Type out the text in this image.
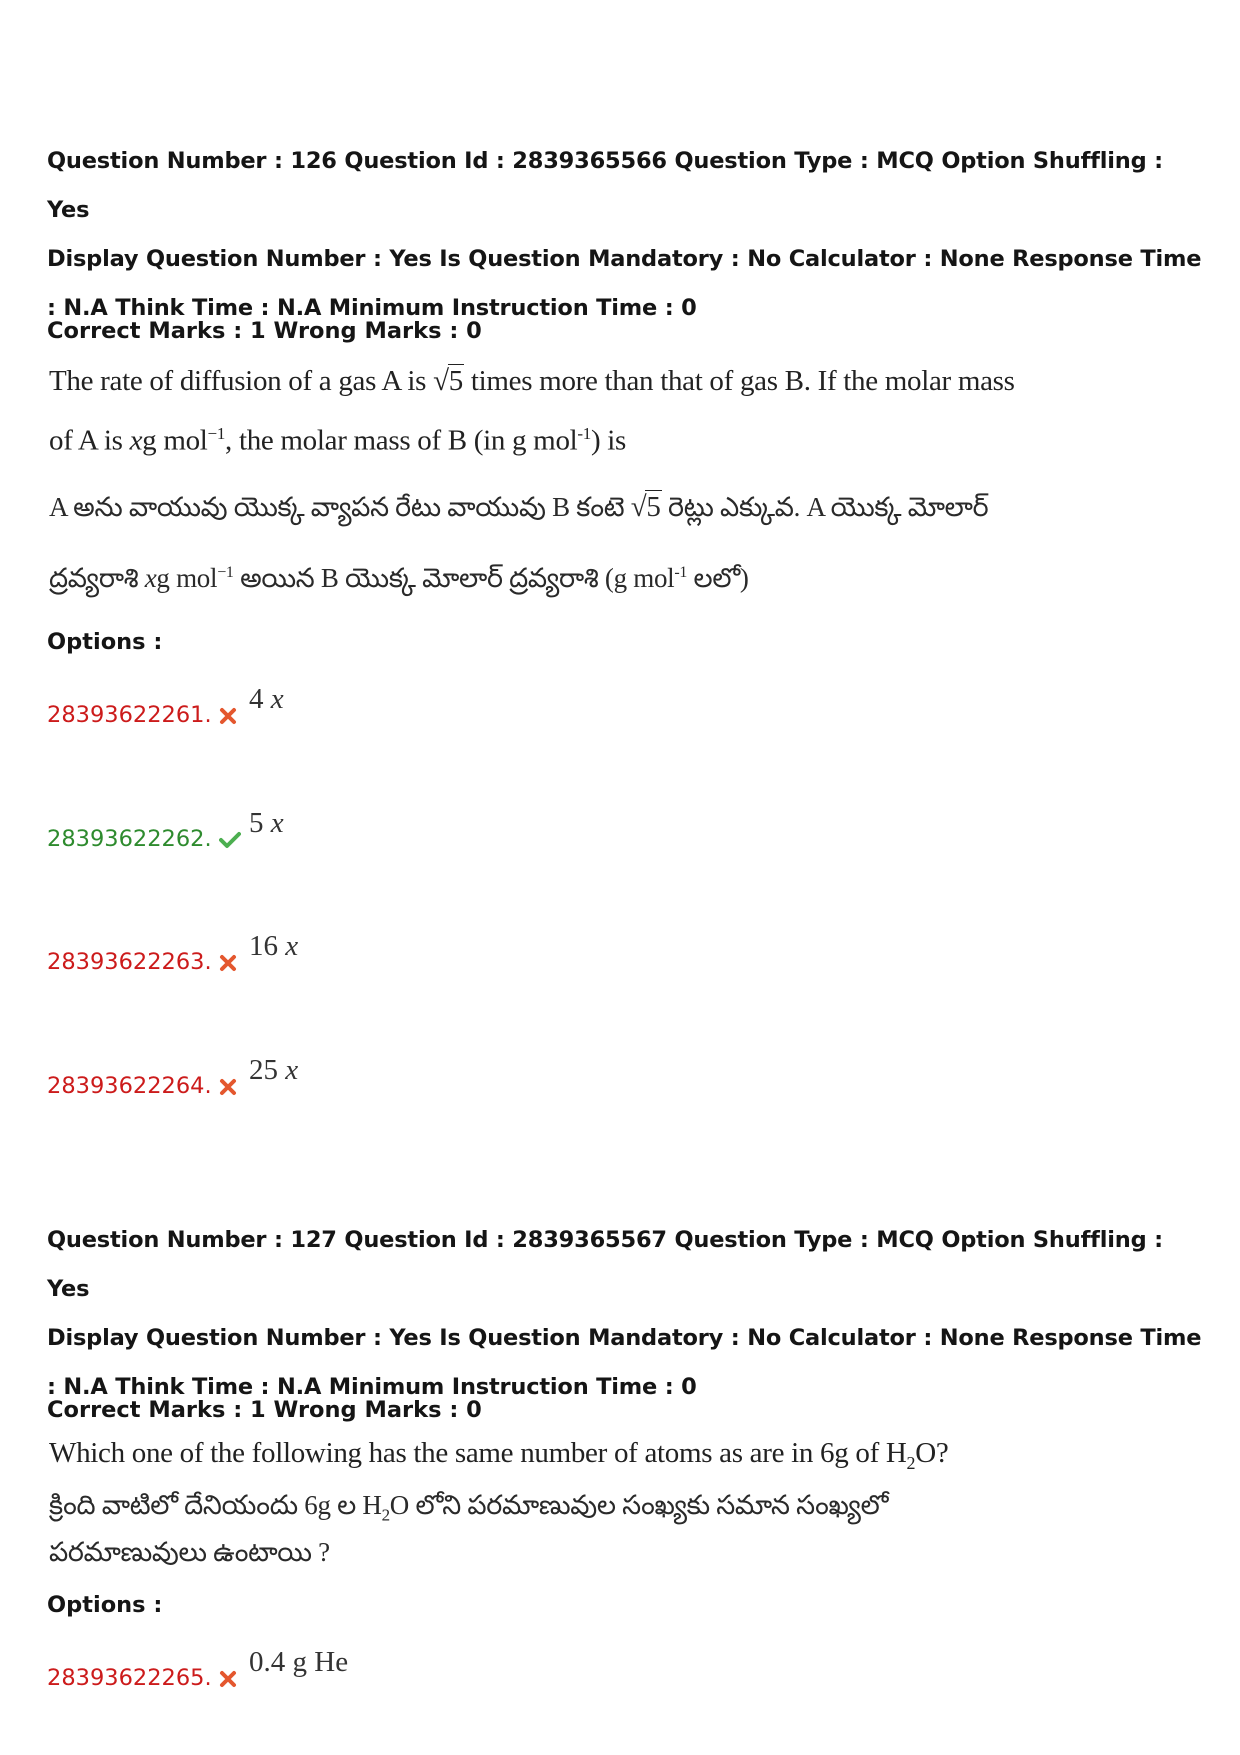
Question Number : 126 Question Id : 2839365566 Question Type : MCQ Option Shuffling : Yes
Display Question Number : Yes Is Question Mandatory : No Calculator : None Response Time
: N.A Think Time : N.A Minimum Instruction Time : 0
Correct Marks : 1 Wrong Marks : 0
The rate of diffusion of a gas A is √5 times more than that of gas B. If the molar mass
of A is xg mol$^{-1}$, the molar mass of B (in g mol$^{-1}$) is
A అను వాయువు యొక్క వ్యాపన రేటు వాయువు B కంటె √5 రెట్లు ఎక్కువ. A యొక్క మోలార్
ద్రవ్యరాశి xg mol$^{-1}$ అయిన B యొక్క మోలార్ ద్రవ్యరాశి (g mol$^{-1}$ లలో)
Options :
28393622261. 4 x
28393622262. 5 x
28393622263. 16 x
28393622264. 25 x
Question Number : 127 Question Id : 2839365567 Question Type : MCQ Option Shuffling : Yes
Display Question Number : Yes Is Question Mandatory : No Calculator : None Response Time
: N.A Think Time : N.A Minimum Instruction Time : 0
Correct Marks : 1 Wrong Marks : 0
Which one of the following has the same number of atoms as are in 6g of $H_2O$?
క్రింది వాటిలో దేనియందు 6g ల $H_2O$ లోని పరమాణువుల సంఖ్యకు సమాన సంఖ్యలో
పరమాణువులు ఉంటాయి ?
Options :
28393622265. 0.4 g He
